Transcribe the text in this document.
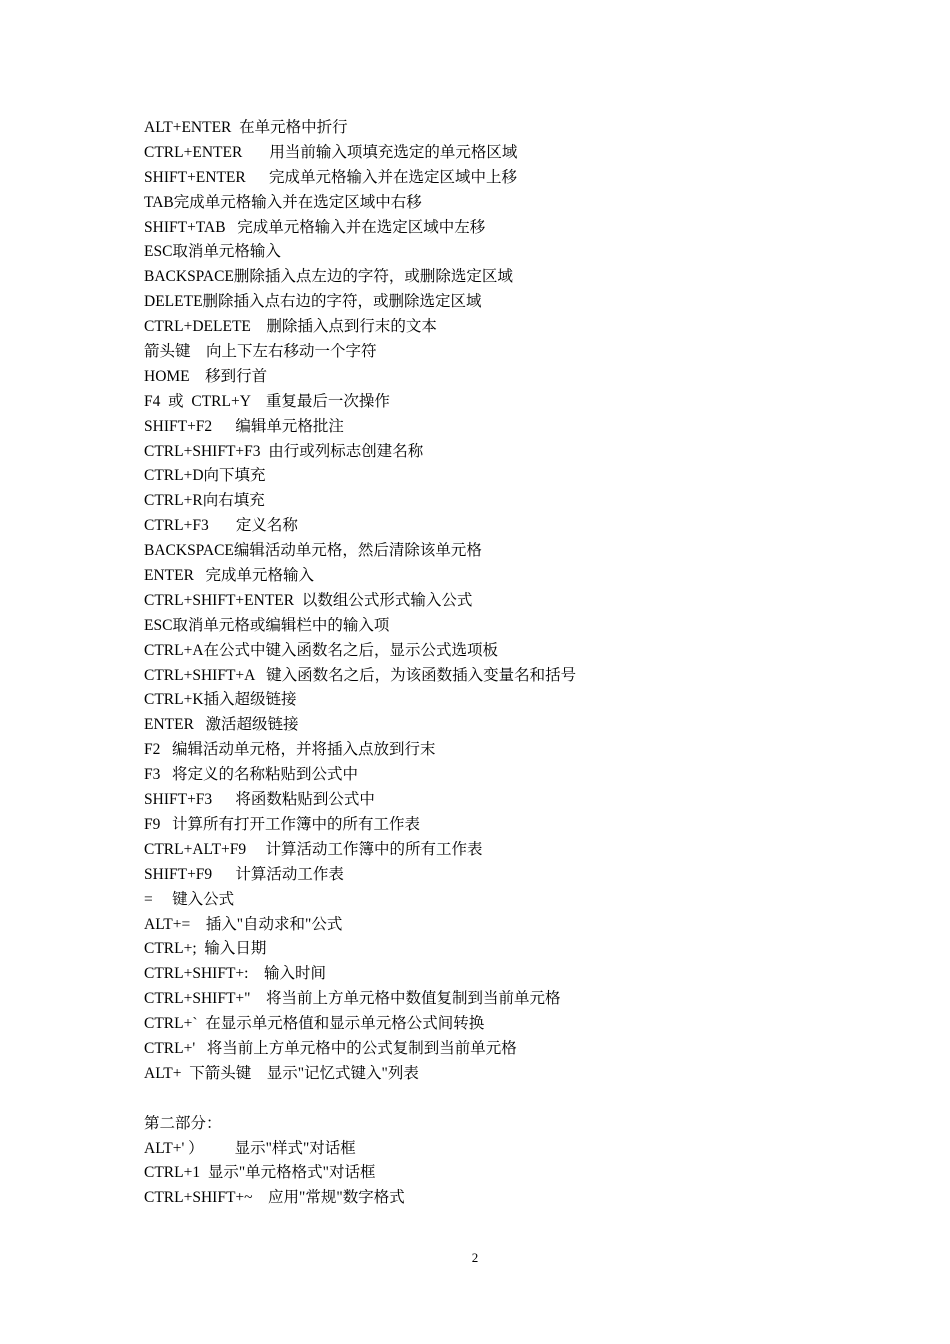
ALT+ENTER  在单元格中折行
CTRL+ENTER       用当前输入项填充选定的单元格区域
SHIFT+ENTER      完成单元格输入并在选定区域中上移
TAB完成单元格输入并在选定区域中右移
SHIFT+TAB   完成单元格输入并在选定区域中左移
ESC取消单元格输入
BACKSPACE删除插入点左边的字符，或删除选定区域
DELETE删除插入点右边的字符，或删除选定区域
CTRL+DELETE    删除插入点到行末的文本
箭头键    向上下左右移动一个字符
HOME    移到行首
F4  或  CTRL+Y    重复最后一次操作
SHIFT+F2      编辑单元格批注
CTRL+SHIFT+F3  由行或列标志创建名称
CTRL+D向下填充
CTRL+R向右填充
CTRL+F3       定义名称
BACKSPACE编辑活动单元格，然后清除该单元格
ENTER   完成单元格输入
CTRL+SHIFT+ENTER  以数组公式形式输入公式
ESC取消单元格或编辑栏中的输入项
CTRL+A在公式中键入函数名之后，显示公式选项板
CTRL+SHIFT+A   键入函数名之后，为该函数插入变量名和括号
CTRL+K插入超级链接
ENTER   激活超级链接
F2   编辑活动单元格，并将插入点放到行末
F3   将定义的名称粘贴到公式中
SHIFT+F3      将函数粘贴到公式中
F9   计算所有打开工作簿中的所有工作表
CTRL+ALT+F9     计算活动工作簿中的所有工作表
SHIFT+F9      计算活动工作表
=     键入公式
ALT+=    插入"自动求和"公式
CTRL+;  输入日期
CTRL+SHIFT+:    输入时间
CTRL+SHIFT+"    将当前上方单元格中数值复制到当前单元格
CTRL+`  在显示单元格值和显示单元格公式间转换
CTRL+'   将当前上方单元格中的公式复制到当前单元格
ALT+  下箭头键    显示"记忆式键入"列表
第二部分：
ALT+' ）        显示"样式"对话框
CTRL+1  显示"单元格格式"对话框
CTRL+SHIFT+~    应用"常规"数字格式
2
